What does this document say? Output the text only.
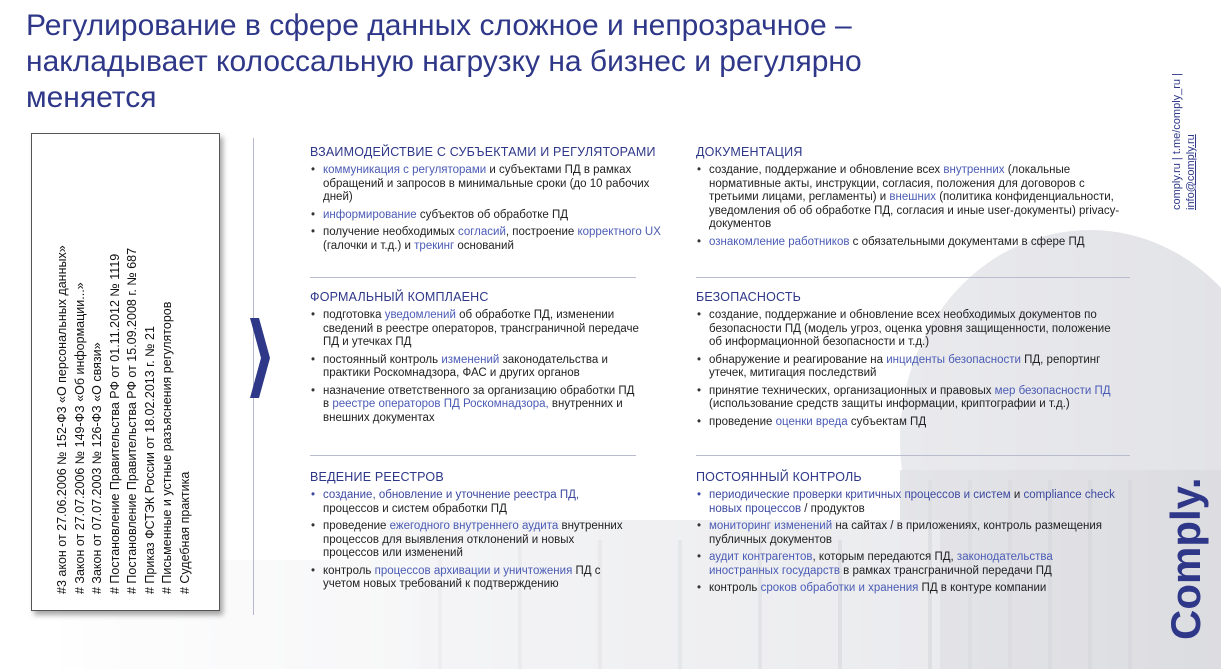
Регулирование в сфере данных сложное и непрозрачное – накладывает колоссальную нагрузку на бизнес и регулярно меняется
#3 акон от 27.06.2006 № 152-Ф3 «О персональных данных» # Закон от 27.07.2006 № 149-ФЗ «Об информации...» # Закон от 07.07.2003 № 126-ФЗ «О связи» # Постановление Правительства РФ от 01.11.2012 № 1119 # Постановление Правительства РФ от 15.09.2008 г. № 687 # Приказ ФСТЭК России от 18.02.2013 г. № 21 # Письменные и устные разъяснения регуляторов # Судебная практика
ВЗАИМОДЕЙСТВИЕ С СУБЪЕКТАМИ И РЕГУЛЯТОРАМИ
• коммуникация с регуляторами и субъектами ПД в рамках обращений и запросов в минимальные сроки (до 10 рабочих дней)
• информирование субъектов об обработке ПД
• получение необходимых согласий, построение корректного UX (галочки и т.д.) и трекинг оснований
ФОРМАЛЬНЫЙ КОМПЛАЕНС
• подготовка уведомлений об обработке ПД, изменении сведений в реестре операторов, трансграничной передаче ПД и утечках ПД
• постоянный контроль изменений законодательства и практики Роскомнадзора, ФАС и других органов
• назначение ответственного за организацию обработки ПД в реестре операторов ПД Роскомнадзора, внутренних и внешних документах
ВЕДЕНИЕ РЕЕСТРОВ
• создание, обновление и уточнение реестра ПД, процессов и систем обработки ПД
• проведение ежегодного внутреннего аудита внутренних процессов для выявления отклонений и новых процессов или изменений
• контроль процессов архивации и уничтожения ПД с учетом новых требований к подтверждению
ДОКУМЕНТАЦИЯ
• создание, поддержание и обновление всех внутренних (локальные нормативные акты, инструкции, согласия, положения для договоров с третьими лицами, регламенты) и внешних (политика конфиденциальности, уведомления об об обработке ПД, согласия и иные user-документы) privacy-документов
• ознакомление работников с обязательными документами в сфере ПД
БЕЗОПАСНОСТЬ
• создание, поддержание и обновление всех необходимых документов по безопасности ПД (модель угроз, оценка уровня защищенности, положение об информационной безопасности и т.д.)
• обнаружение и реагирование на инциденты безопасности ПД, репортинг утечек, митигация последствий
• принятие технических, организационных и правовых мер безопасности ПД (использование средств защиты информации, криптографии и т.д.)
• проведение оценки вреда субъектам ПД
ПОСТОЯННЫЙ КОНТРОЛЬ
• периодические проверки критичных процессов и систем и compliance check новых процессов / продуктов
• мониторинг изменений на сайтах / в приложениях, контроль размещения публичных документов
• аудит контрагентов, которым передаются ПД, законодательства иностранных государств в рамках трансграничной передачи ПД
• контроль сроков обработки и хранения ПД в контуре компании
comply.ru | t.me/comply_ru |
info@comply.ru
Comply.
